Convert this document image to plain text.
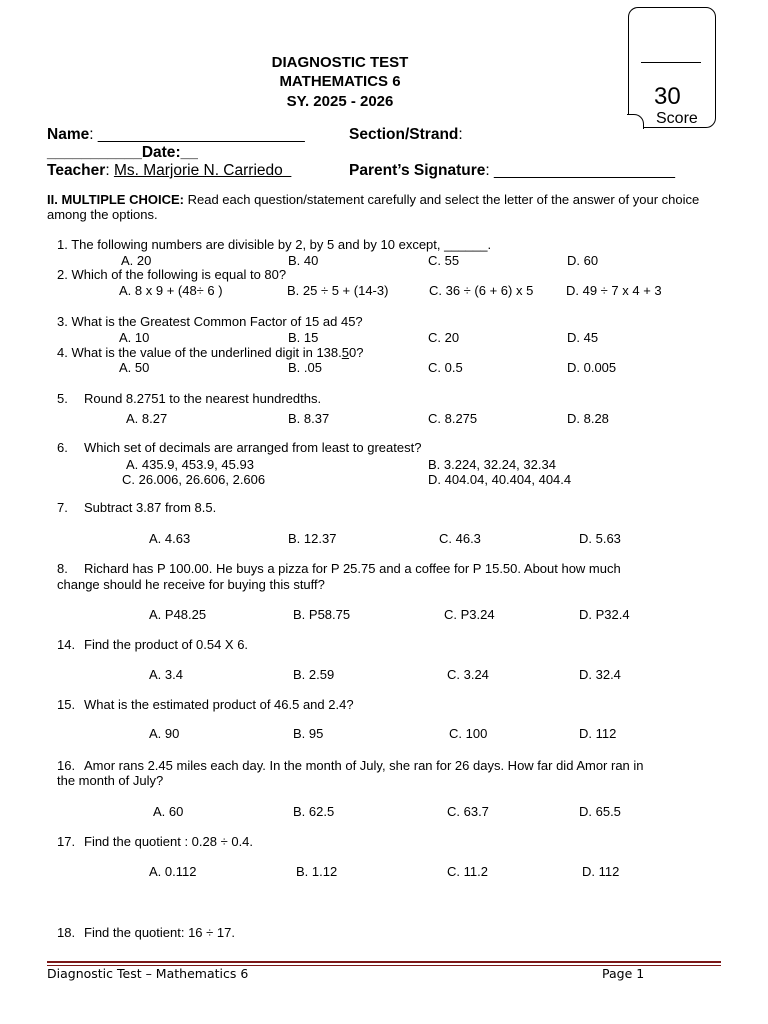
DIAGNOSTIC TEST
MATHEMATICS 6
SY. 2025 - 2026	30
Score
Name: ________________________	Section/Strand:
___________Date:__
Teacher: Ms. Marjorie N. Carriedo	Parent’s Signature: _____________________
II. MULTIPLE CHOICE: Read each question/statement carefully and select the letter of the answer of your choice among the options.
1. The following numbers are divisible by 2, by 5 and by 10 except, ______.
A. 20	B. 40	C. 55	D. 60
2. Which of the following is equal to 80?
A. 8 x 9 + (48÷ 6 )	B. 25 ÷ 5 + (14-3)	C. 36 ÷ (6 + 6) x 5	D. 49 ÷ 7 x 4 + 3
3. What is the Greatest Common Factor of 15 ad 45?
A. 10	B. 15	C. 20	D. 45
4. What is the value of the underlined digit in 138.50?
A. 50	B. .05	C. 0.5	D. 0.005
5. Round 8.2751 to the nearest hundredths.
A. 8.27	B. 8.37	C. 8.275	D. 8.28
6. Which set of decimals are arranged from least to greatest?
A. 435.9, 453.9, 45.93	B. 3.224, 32.24, 32.34
C. 26.006, 26.606, 2.606	D. 404.04, 40.404, 404.4
7. Subtract 3.87 from 8.5.
A. 4.63	B. 12.37	C. 46.3	D. 5.63
8. Richard has P 100.00. He buys a pizza for P 25.75 and a coffee for P 15.50. About how much
change should he receive for buying this stuff?
A. P48.25	B. P58.75	C. P3.24	D. P32.4
14. Find the product of 0.54 X 6.
A. 3.4	B. 2.59	C. 3.24	D. 32.4
15. What is the estimated product of 46.5 and 2.4?
A. 90	B. 95	C. 100	D. 112
16. Amor rans 2.45 miles each day. In the month of July, she ran for 26 days. How far did Amor ran in
the month of July?
A. 60	B. 62.5	C. 63.7	D. 65.5
17. Find the quotient : 0.28 ÷ 0.4.
A. 0.112	B. 1.12	C. 11.2	D. 112
18. Find the quotient: 16 ÷ 17.
Diagnostic Test – Mathematics 6	Page 1
